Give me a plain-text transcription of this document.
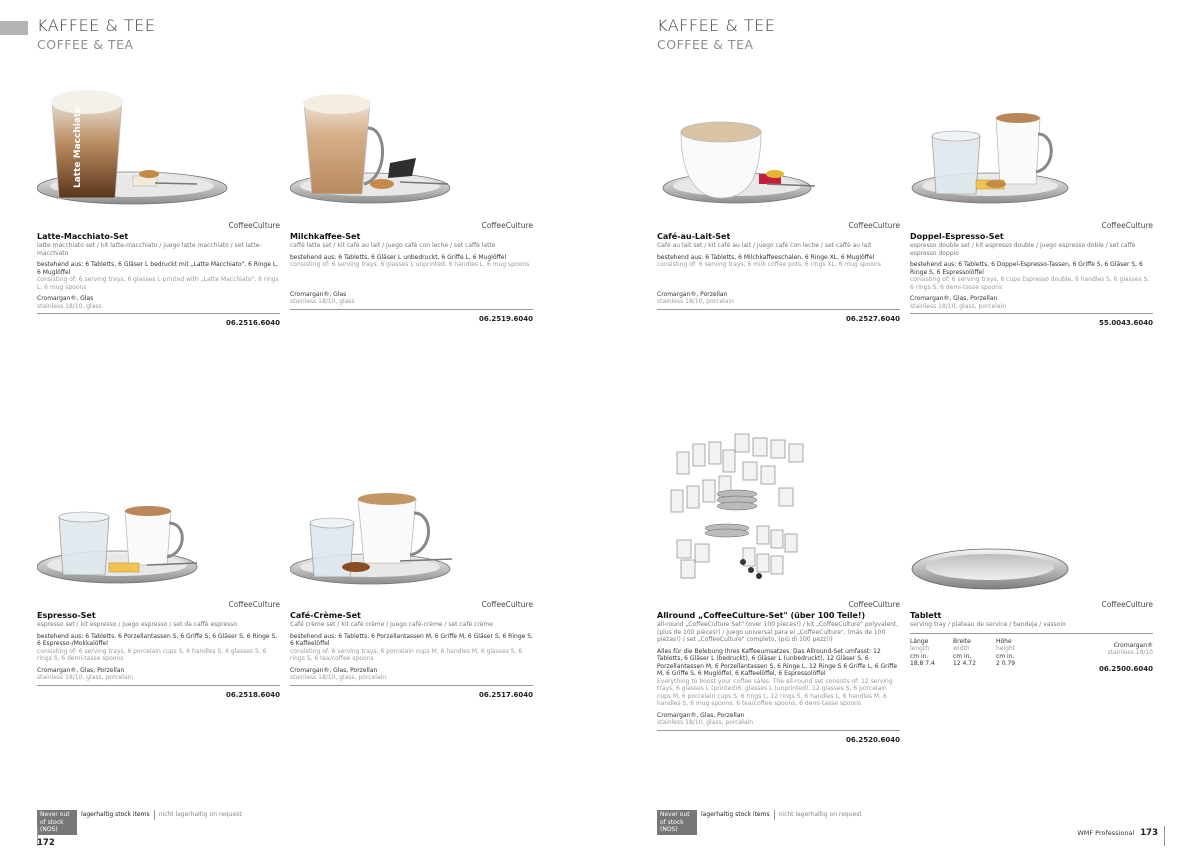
KAFFEE & TEE
COFFEE & TEA
KAFFEE & TEE
COFFEE & TEA
Latte Macchiato
CoffeeCulture
Latte-Macchiato-Set
latte macchiato set / kit latte-macchiato / juego latte macchiato / set latte-macchiato
bestehend aus: 6 Tabletts, 6 Gläser L bedruckt mit „Latte Macchiato", 6 Ringe L, 6 Muglöffel
consisting of: 6 serving trays, 6 glasses L printed with „Latte Macchiato", 6 rings L, 6 mug spoons
Cromargan®, Glas
stainless 18/10, glass
06.2516.6040
CoffeeCulture
Milchkaffee-Set
caffè latte set / kit café au lait / juego café con leche / set caffè latte
bestehend aus: 6 Tabletts, 6 Gläser L unbedruckt, 6 Griffe L, 6 Muglöffel
consisting of: 6 serving trays, 6 glasses L unprinted, 6 handles L, 6 mug spoons
Cromargan®, Glas
stainless 18/10, glass
06.2519.6040
CoffeeCulture
Café-au-Lait-Set
Café au lait set / kit café au lait / juego café con leche / set caffè au lait
bestehend aus: 6 Tabletts, 6 Milchkaffeeschalen, 6 Ringe XL, 6 Muglöffel
consisting of: 6 serving trays, 6 milk coffee pots, 6 rings XL, 6 mug spoons
Cromargan®, Porzellan
stainless 18/10, porcelain
06.2527.6040
CoffeeCulture
Doppel-Espresso-Set
espresso double set / kit espresso double / juego espresso doble / set caffè espresso doppio
bestehend aus: 6 Tabletts, 6 Doppel-Espresso-Tassen, 6 Griffe S, 6 Gläser S, 6 Ringe S, 6 Espressolöffel
consisting of: 6 serving trays, 6 cups Espresso double, 6 handles S, 6 glasses S, 6 rings S, 6 demi-tasse spoons
Cromargan®, Glas, Porzellan
stainless 18/10, glass, porcelain
55.0043.6040
CoffeeCulture
Espresso-Set
espresso set / kit espresso / juego espresso / set da caffè espresso
bestehend aus: 6 Tabletts, 6 Porzellantassen S, 6 Griffe S, 6 Gläser S, 6 Ringe S, 6 Espresso-/Mokkalöffel
consisting of: 6 serving trays, 6 porcelain cups S, 6 handles S, 6 glasses S, 6 rings S, 6 demi-tasse spoons
Cromargan®, Glas, Porzellan
stainless 18/10, glass, porcelain
06.2518.6040
CoffeeCulture
Café-Crème-Set
Café crème set / kit café crème / juego café-crème / set café crème
bestehend aus: 6 Tabletts, 6 Porzellantassen M, 6 Griffe M, 6 Gläser S, 6 Ringe S, 6 Kaffeelöffel
consisting of: 6 serving trays, 6 porcelain cups M, 6 handles M, 6 glasses S, 6 rings S, 6 tea/coffee spoons
Cromargan®, Glas, Porzellan
stainless 18/10, glass, porcelain
06.2517.6040
CoffeeCulture
Allround „CoffeeCulture-Set" (über 100 Teile!)
all-round „CoffeeCulture Set" (over 100 pieces!) / kit „CoffeeCulture" polyvalent, (plus de 100 pièces!) / juego universal para el „CoffeeCulture", (más de 100 piezas!) / set „CoffeeCulture" completo, (più di 100 pezzi!)
Alles für die Belebung Ihres Kaffeeumsatzes. Das Allround-Set umfasst: 12 Tabletts, 6 Gläser L (bedruckt), 6 Gläser L (unbedruckt), 12 Gläser S, 6 Porzellantassen M, 6 Porzellantassen S, 6 Ringe L, 12 Ringe S 6 Griffe L, 6 Griffe M, 6 Griffe S, 6 Muglöffel, 6 Kaffeelöffel, 6 Espressolöffel
Everything to boost your coffee sales. The all-round set consists of: 12 serving trays, 6 glasses L (printed)6, glasses L (unprinted), 12 glasses S, 6 porcelain cups M, 6 porcelain cups S, 6 rings L, 12 rings S, 6 handles L, 6 handles M, 6 handles S, 6 mug spoons, 6 tea/coffee spoons, 6 demi-tasse spoons
Cromargan®, Glas, Porzellan
stainless 18/10, glass, porcelain
06.2520.6040
CoffeeCulture
Tablett
serving tray / plateau de service / bandeja / vassoio
Länge
length
cm in.
18,8 7.4
Breite
width
cm in.
12 4.72
Höhe
height
cm in.
2 0.79
Cromargan®
stainless 18/10
06.2500.6040
Never out of stock (NOS)
lagerhaltig stock items	nicht lagerhaltig on request
172
Never out of stock (NOS)
lagerhaltig stock items	nicht lagerhaltig on request
WMF Professional 173
